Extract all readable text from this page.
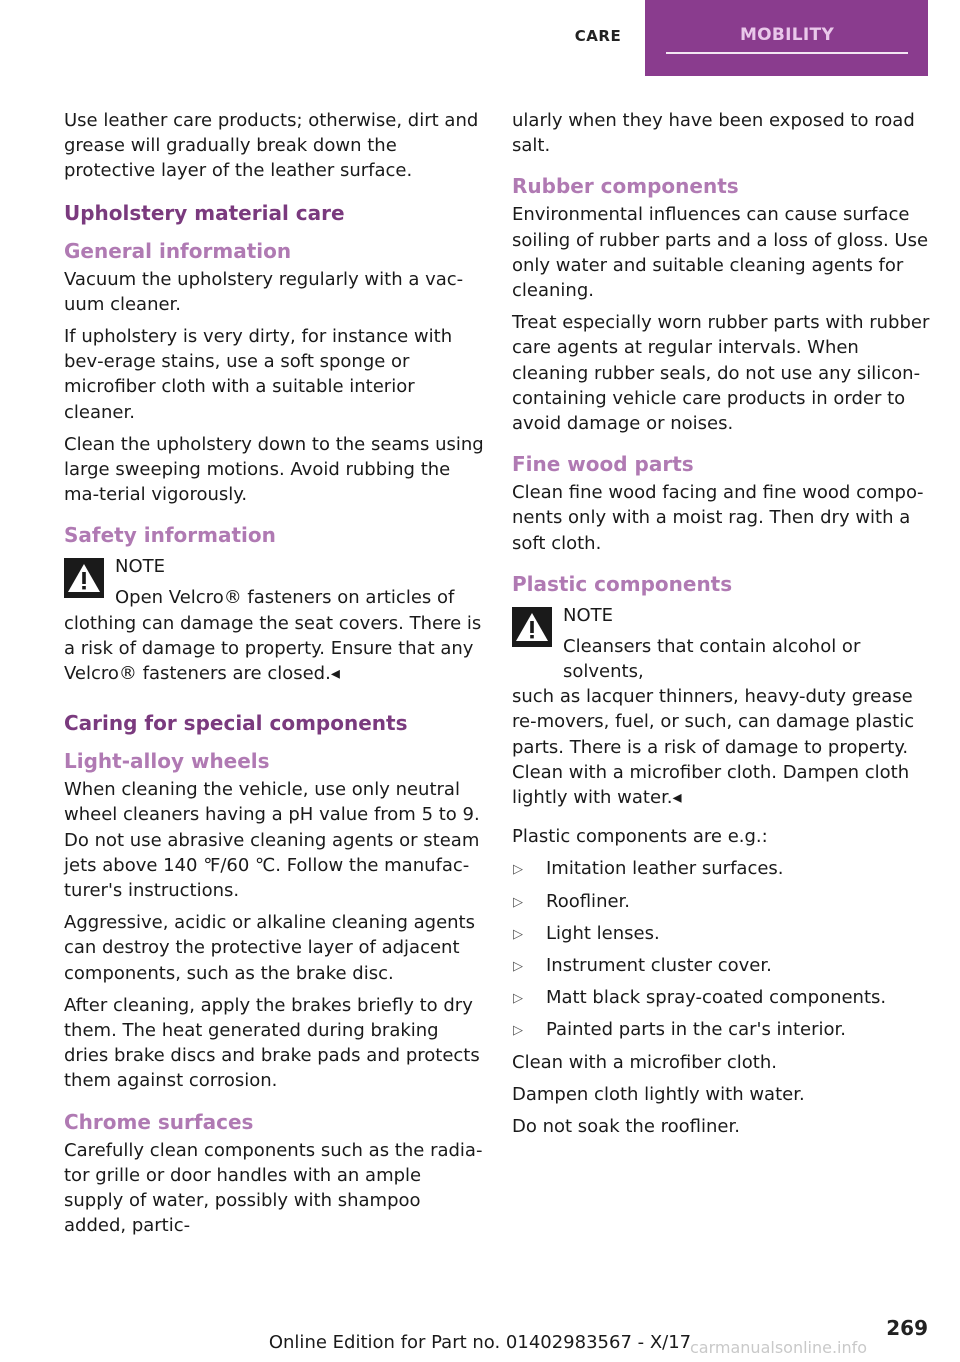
CARE	MOBILITY

Use leather care products; otherwise, dirt and grease will gradually break down the protective layer of the leather surface.

Upholstery material care
General information

Vacuum the upholstery regularly with a vac‐uum cleaner.

If upholstery is very dirty, for instance with bev‐erage stains, use a soft sponge or microfiber cloth with a suitable interior cleaner.

Clean the upholstery down to the seams using large sweeping motions. Avoid rubbing the ma‐terial vigorously.

Safety information
NOTE

Open Velcro® fasteners on articles of

clothing can damage the seat covers. There is a risk of damage to property. Ensure that any Velcro® fasteners are closed.◂

Caring for special components
Light-alloy wheels

When cleaning the vehicle, use only neutral wheel cleaners having a pH value from 5 to 9. Do not use abrasive cleaning agents or steam jets above 140 ℉/60 ℃. Follow the manufac‐turer's instructions.

Aggressive, acidic or alkaline cleaning agents can destroy the protective layer of adjacent components, such as the brake disc.

After cleaning, apply the brakes briefly to dry them. The heat generated during braking dries brake discs and brake pads and protects them against corrosion.

Chrome surfaces

Carefully clean components such as the radia‐tor grille or door handles with an ample supply of water, possibly with shampoo added, partic‐

ularly when they have been exposed to road salt.

Rubber components

Environmental influences can cause surface soiling of rubber parts and a loss of gloss. Use only water and suitable cleaning agents for cleaning.

Treat especially worn rubber parts with rubber care agents at regular intervals. When cleaning rubber seals, do not use any silicon-containing vehicle care products in order to avoid damage or noises.

Fine wood parts

Clean fine wood facing and fine wood compo‐nents only with a moist rag. Then dry with a soft cloth.

Plastic components
NOTE

Cleansers that contain alcohol or solvents,

such as lacquer thinners, heavy-duty grease re‐movers, fuel, or such, can damage plastic parts. There is a risk of damage to property. Clean with a microfiber cloth. Dampen cloth lightly with water.◂

Plastic components are e.g.:

▷ Imitation leather surfaces.
▷ Roofliner.
▷ Light lenses.
▷ Instrument cluster cover.
▷ Matt black spray-coated components.
▷ Painted parts in the car's interior.

Clean with a microfiber cloth.

Dampen cloth lightly with water.

Do not soak the roofliner.

269
Online Edition for Part no. 01402983567 - X/17
carmanualsonline.info
